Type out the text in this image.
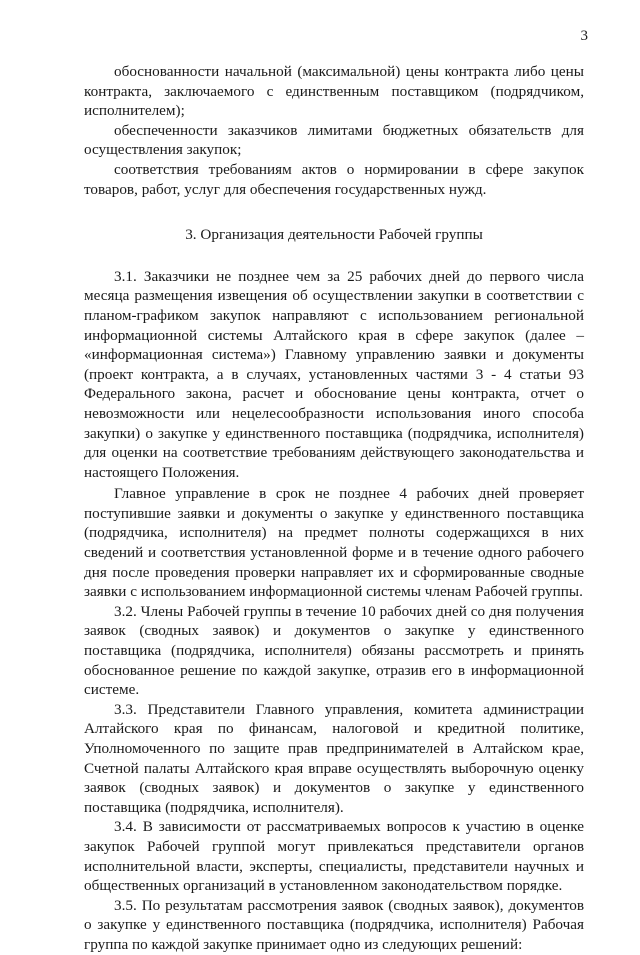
3

обоснованности начальной (максимальной) цены контракта либо цены контракта, заключаемого с единственным поставщиком (подрядчиком, исполнителем);

обеспеченности заказчиков лимитами бюджетных обязательств для осуществления закупок;

соответствия требованиям актов о нормировании в сфере закупок товаров, работ, услуг для обеспечения государственных нужд.

3. Организация деятельности Рабочей группы

3.1. Заказчики не позднее чем за 25 рабочих дней до первого числа месяца размещения извещения об осуществлении закупки в соответствии с планом-графиком закупок направляют с использованием региональной информационной системы Алтайского края в сфере закупок (далее – «информационная система») Главному управлению заявки и документы (проект контракта, а в случаях, установленных частями 3 - 4 статьи 93 Федерального закона, расчет и обоснование цены контракта, отчет о невозможности или нецелесообразности использования иного способа закупки) о закупке у единственного поставщика (подрядчика, исполнителя) для оценки на соответствие требованиям действующего законодательства и настоящего Положения.

Главное управление в срок не позднее 4 рабочих дней проверяет поступившие заявки и документы о закупке у единственного поставщика (подрядчика, исполнителя) на предмет полноты содержащихся в них сведений и соответствия установленной форме и в течение одного рабочего дня после проведения проверки направляет их и сформированные сводные заявки с использованием информационной системы членам Рабочей группы.

3.2. Члены Рабочей группы в течение 10 рабочих дней со дня получения заявок (сводных заявок) и документов о закупке у единственного поставщика (подрядчика, исполнителя) обязаны рассмотреть и принять обоснованное решение по каждой закупке, отразив его в информационной системе.

3.3. Представители Главного управления, комитета администрации Алтайского края по финансам, налоговой и кредитной политике, Уполномоченного по защите прав предпринимателей в Алтайском крае, Счетной палаты Алтайского края вправе осуществлять выборочную оценку заявок (сводных заявок) и документов о закупке у единственного поставщика (подрядчика, исполнителя).

3.4. В зависимости от рассматриваемых вопросов к участию в оценке закупок Рабочей группой могут привлекаться представители органов исполнительной власти, эксперты, специалисты, представители научных и общественных организаций в установленном законодательством порядке.

3.5. По результатам рассмотрения заявок (сводных заявок), документов о закупке у единственного поставщика (подрядчика, исполнителя) Рабочая группа по каждой закупке принимает одно из следующих решений:
